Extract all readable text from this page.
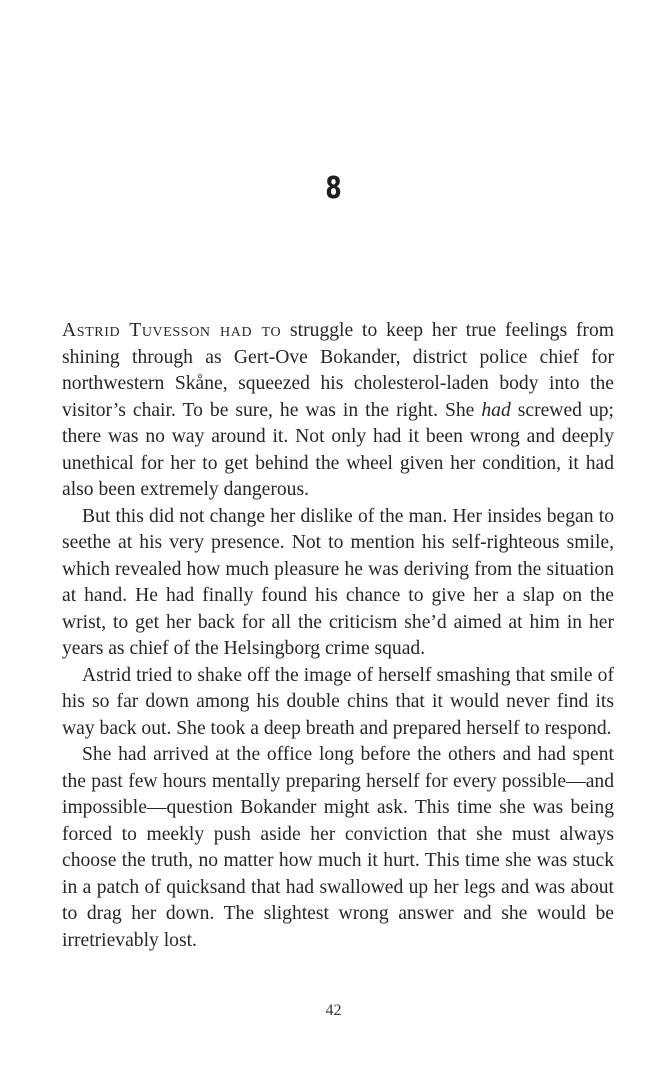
8

Astrid Tuvesson had to struggle to keep her true feelings from shining through as Gert-Ove Bokander, district police chief for northwestern Skåne, squeezed his cholesterol-laden body into the visitor’s chair. To be sure, he was in the right. She had screwed up; there was no way around it. Not only had it been wrong and deeply unethical for her to get behind the wheel given her condition, it had also been extremely dangerous.

But this did not change her dislike of the man. Her insides began to seethe at his very presence. Not to mention his self-righteous smile, which revealed how much pleasure he was deriving from the situation at hand. He had finally found his chance to give her a slap on the wrist, to get her back for all the criticism she’d aimed at him in her years as chief of the Helsingborg crime squad.

Astrid tried to shake off the image of herself smashing that smile of his so far down among his double chins that it would never find its way back out. She took a deep breath and prepared herself to respond.

She had arrived at the office long before the others and had spent the past few hours mentally preparing herself for every possible—and impossible—question Bokander might ask. This time she was being forced to meekly push aside her conviction that she must always choose the truth, no matter how much it hurt. This time she was stuck in a patch of quicksand that had swallowed up her legs and was about to drag her down. The slightest wrong answer and she would be irretrievably lost.

42
